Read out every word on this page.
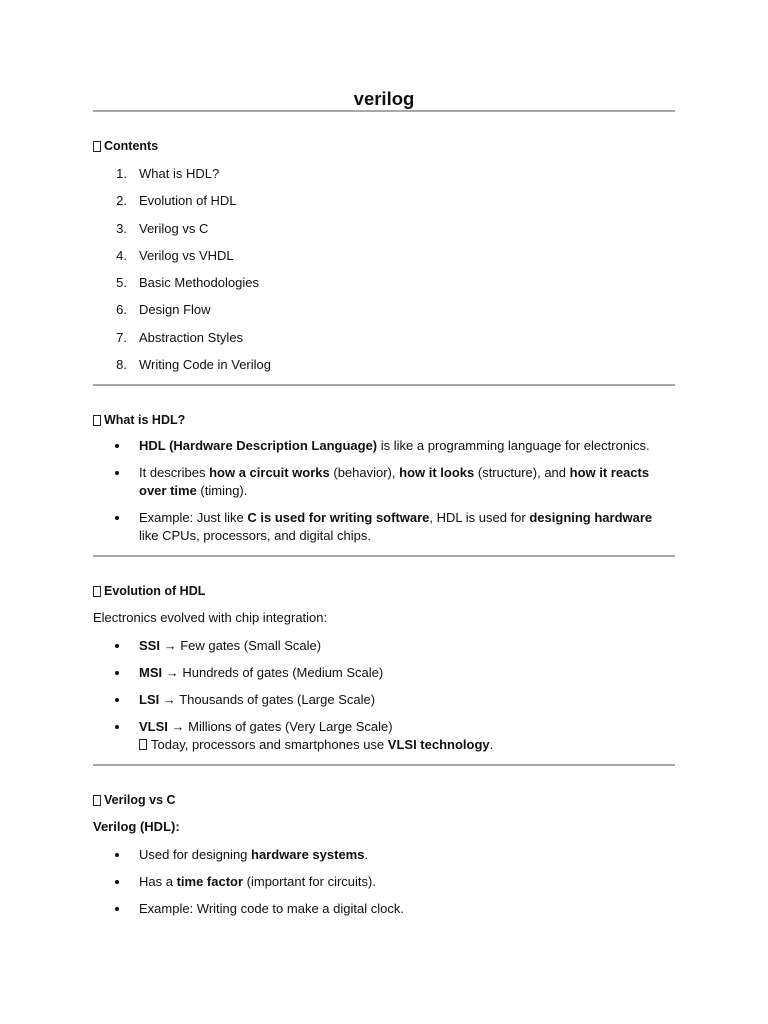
verilog
Contents
1. What is HDL?
2. Evolution of HDL
3. Verilog vs C
4. Verilog vs VHDL
5. Basic Methodologies
6. Design Flow
7. Abstraction Styles
8. Writing Code in Verilog
What is HDL?
HDL (Hardware Description Language) is like a programming language for electronics.
It describes how a circuit works (behavior), how it looks (structure), and how it reacts over time (timing).
Example: Just like C is used for writing software, HDL is used for designing hardware like CPUs, processors, and digital chips.
Evolution of HDL

Electronics evolved with chip integration:

SSI → Few gates (Small Scale)
MSI → Hundreds of gates (Medium Scale)
LSI → Thousands of gates (Large Scale)
VLSI → Millions of gates (Very Large Scale)
Today, processors and smartphones use VLSI technology.
Verilog vs C

Verilog (HDL):

Used for designing hardware systems.
Has a time factor (important for circuits).
Example: Writing code to make a digital clock.
